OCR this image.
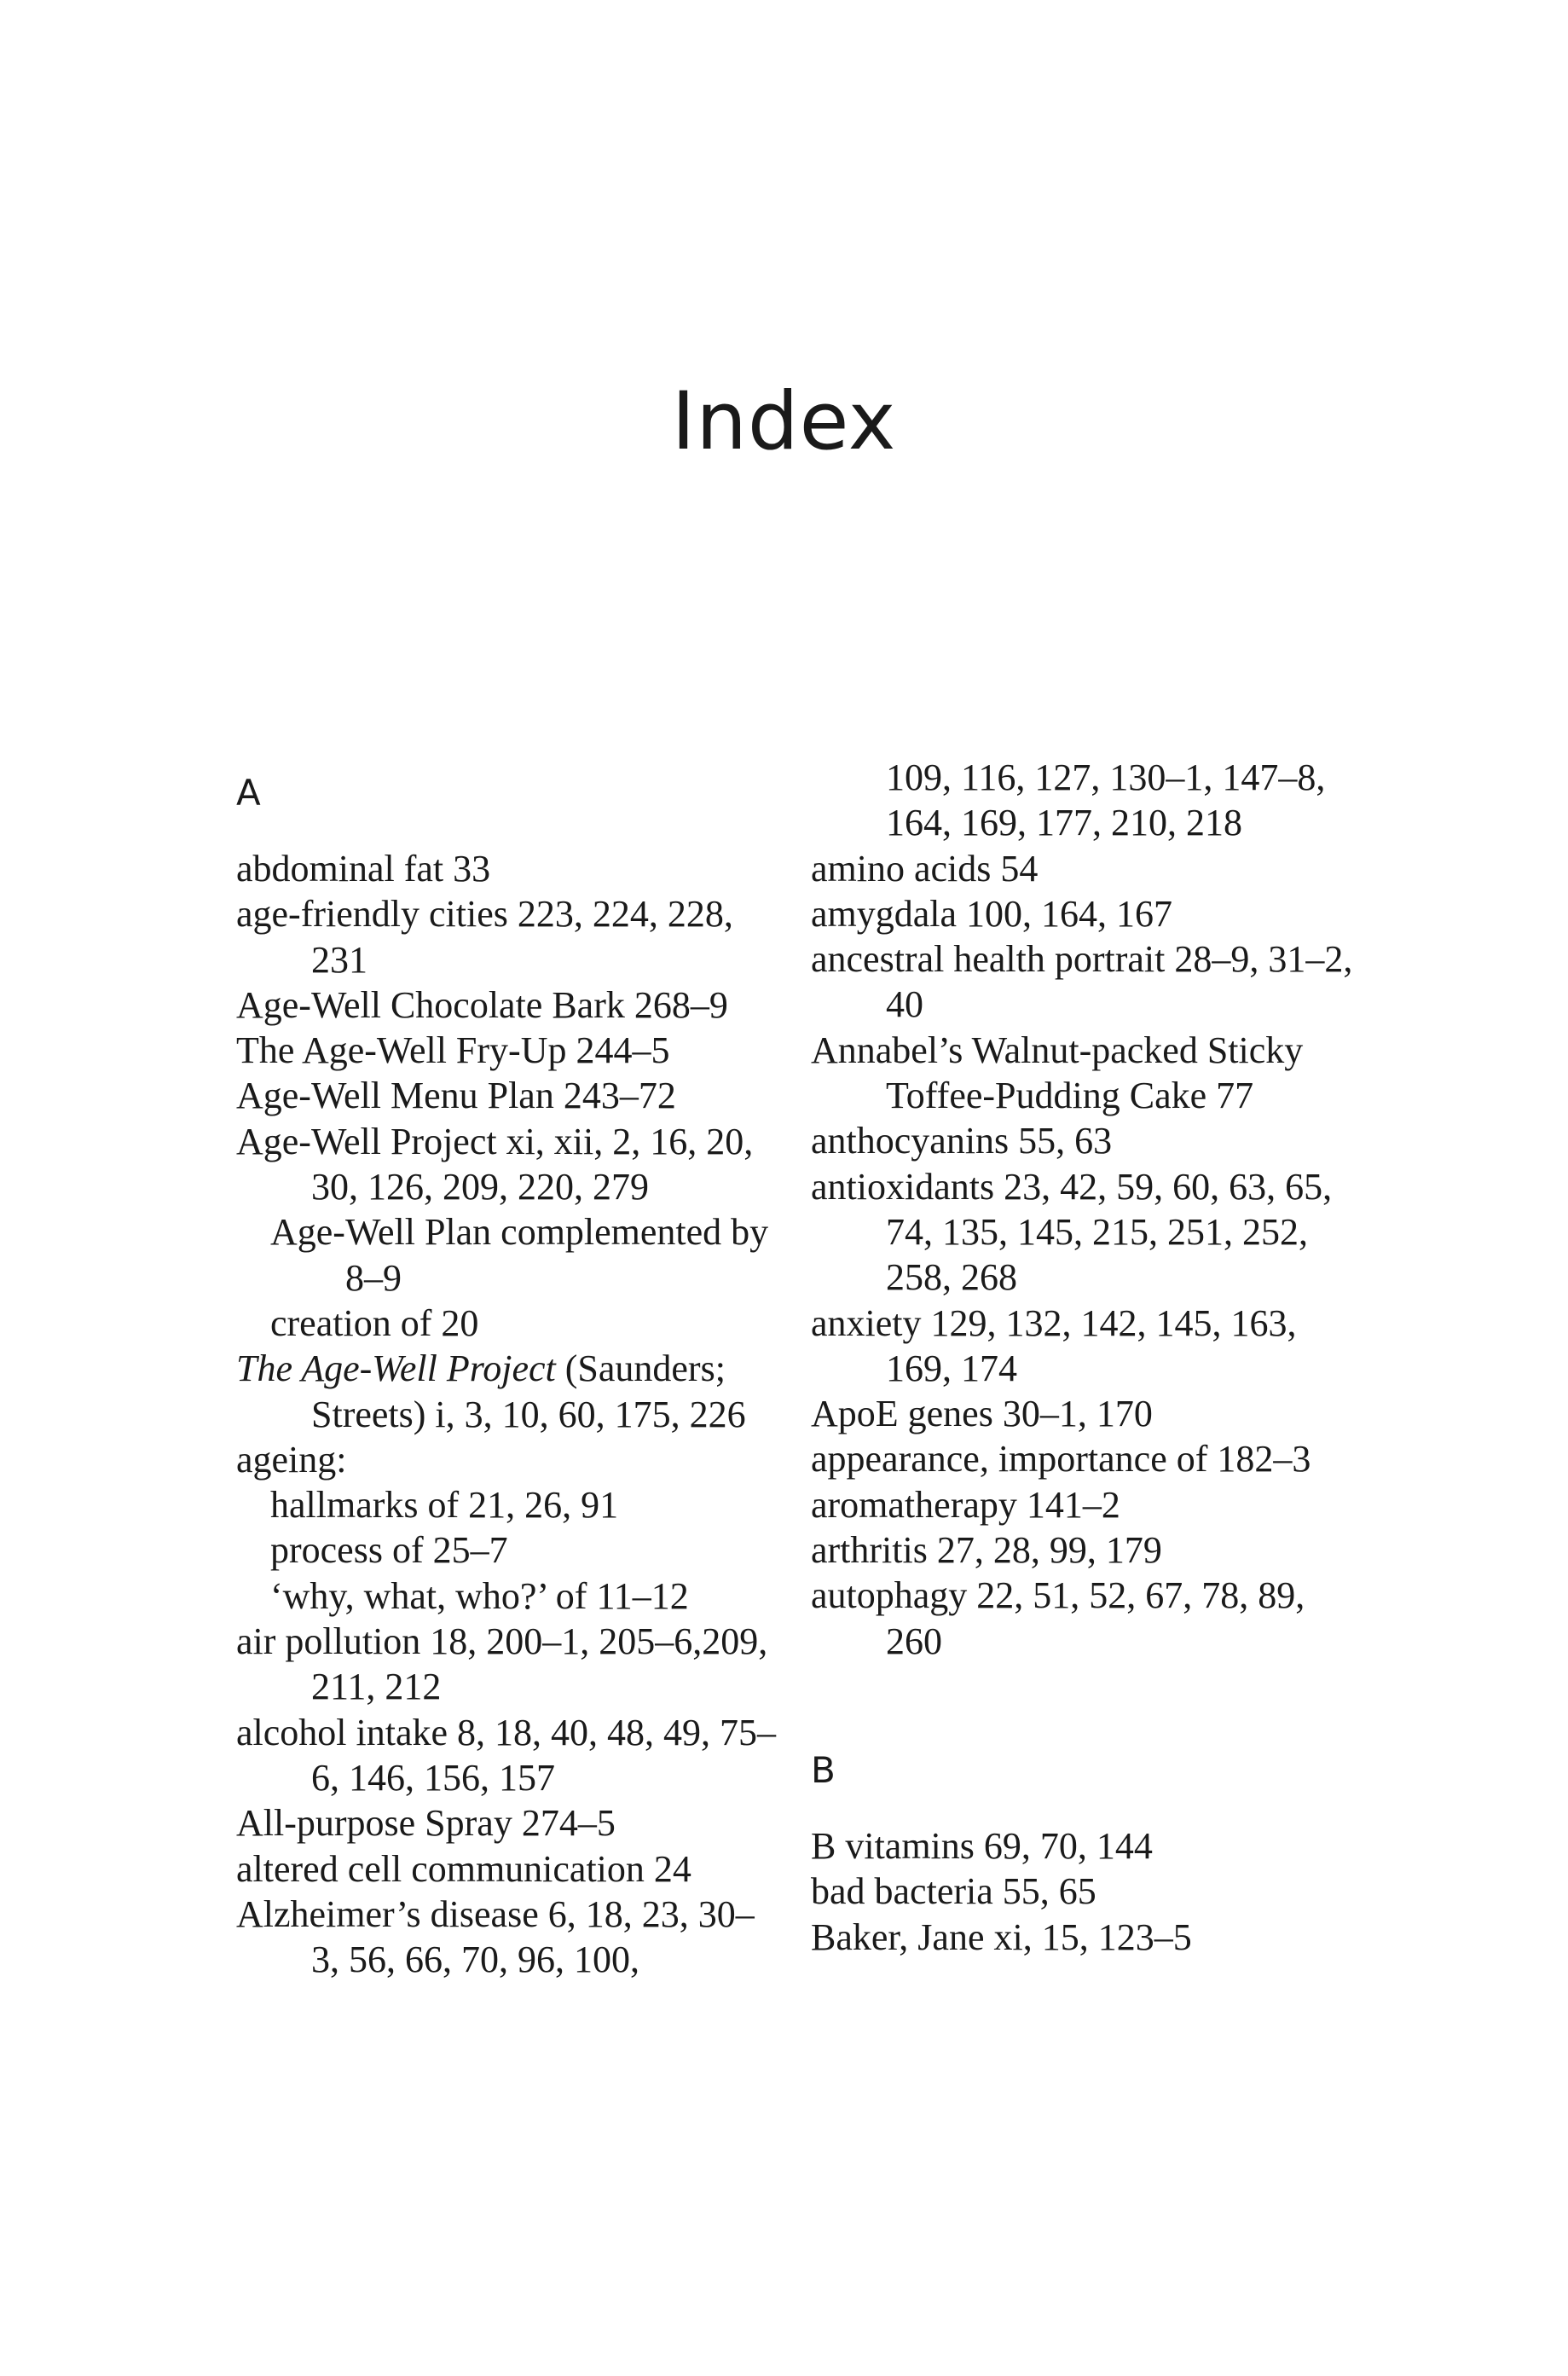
Index
A
abdominal fat 33
age-friendly cities 223, 224, 228, 231
Age-Well Chocolate Bark 268–9
The Age-Well Fry-Up 244–5
Age-Well Menu Plan 243–72
Age-Well Project xi, xii, 2, 16, 20, 30, 126, 209, 220, 279
Age-Well Plan complemented by 8–9
creation of 20
The Age-Well Project (Saunders; Streets) i, 3, 10, 60, 175, 226
ageing:
hallmarks of 21, 26, 91
process of 25–7
‘why, what, who?’ of 11–12
air pollution 18, 200–1, 205–6,209, 211, 212
alcohol intake 8, 18, 40, 48, 49, 75–6, 146, 156, 157
All-purpose Spray 274–5
altered cell communication 24
Alzheimer’s disease 6, 18, 23, 30–3, 56, 66, 70, 96, 100,
109, 116, 127, 130–1, 147–8, 164, 169, 177, 210, 218
amino acids 54
amygdala 100, 164, 167
ancestral health portrait 28–9, 31–2, 40
Annabel’s Walnut-packed Sticky Toffee-Pudding Cake 77
anthocyanins 55, 63
antioxidants 23, 42, 59, 60, 63, 65, 74, 135, 145, 215, 251, 252, 258, 268
anxiety 129, 132, 142, 145, 163, 169, 174
ApoE genes 30–1, 170
appearance, importance of 182–3
aromatherapy 141–2
arthritis 27, 28, 99, 179
autophagy 22, 51, 52, 67, 78, 89, 260
B
B vitamins 69, 70, 144
bad bacteria 55, 65
Baker, Jane xi, 15, 123–5
